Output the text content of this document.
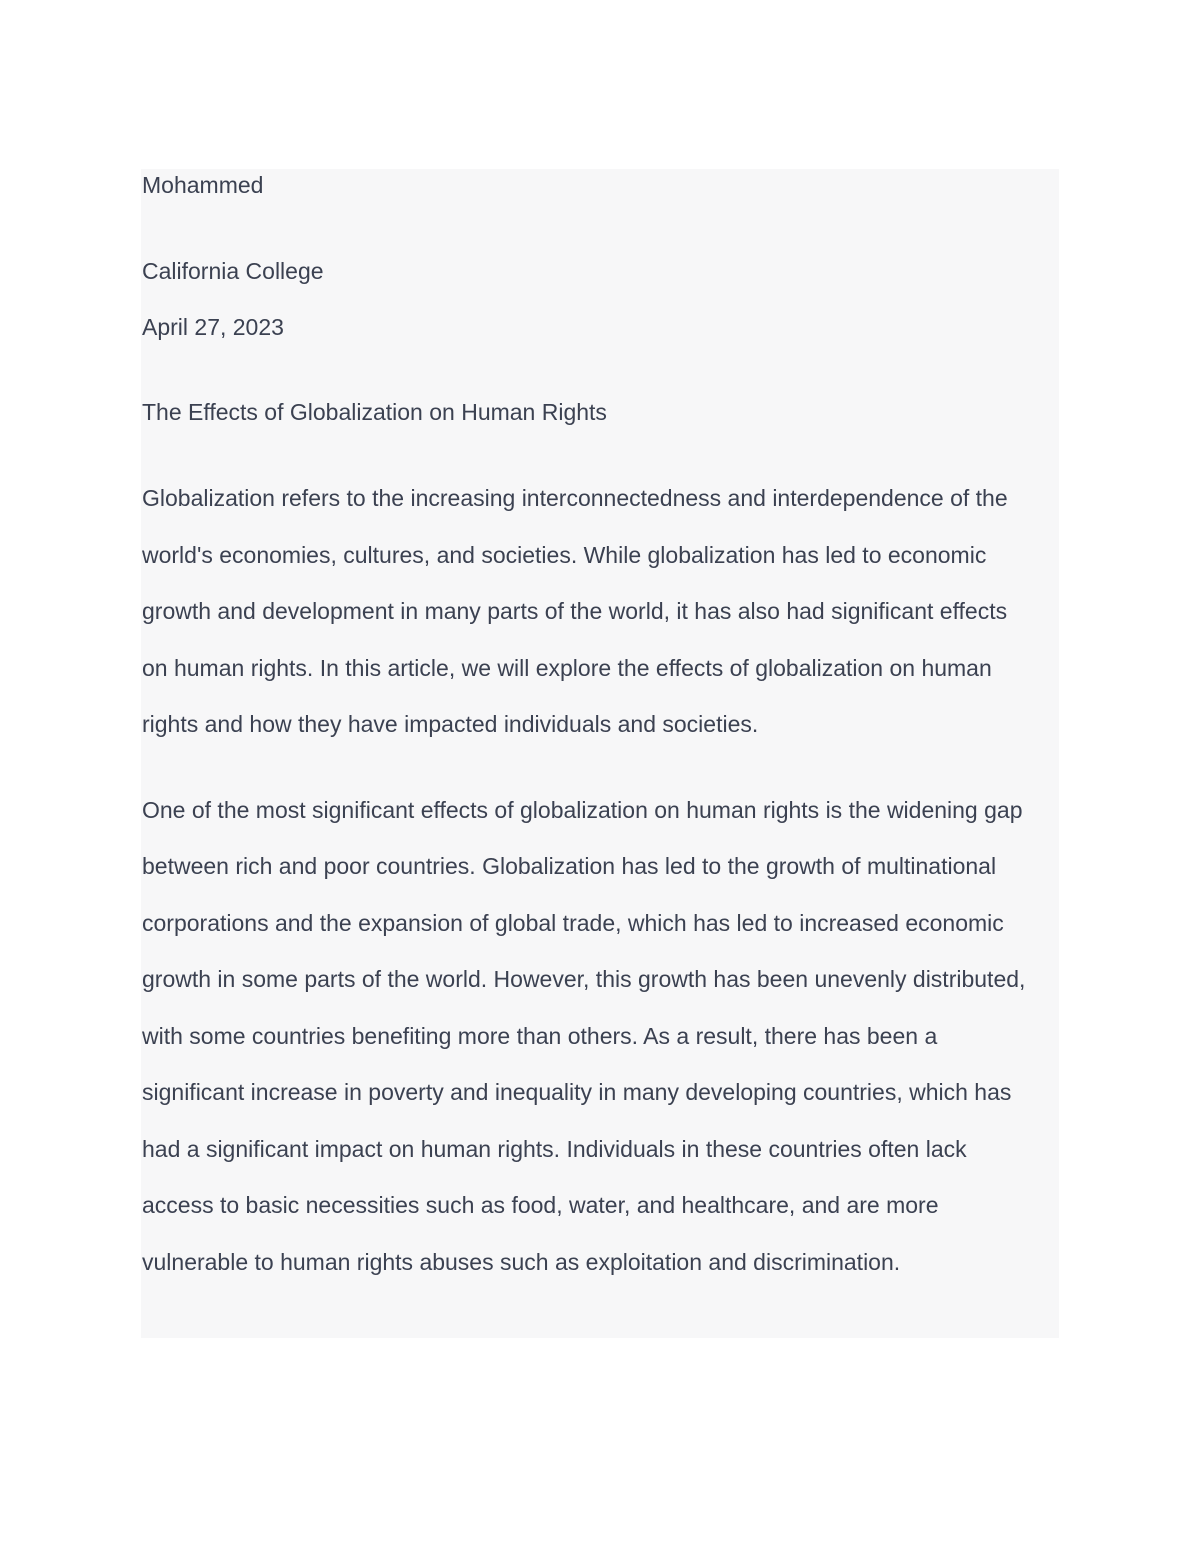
Mohammed

California College

April 27, 2023

The Effects of Globalization on Human Rights

Globalization refers to the increasing interconnectedness and interdependence of the

world's economies, cultures, and societies. While globalization has led to economic

growth and development in many parts of the world, it has also had significant effects

on human rights. In this article, we will explore the effects of globalization on human

rights and how they have impacted individuals and societies.

One of the most significant effects of globalization on human rights is the widening gap

between rich and poor countries. Globalization has led to the growth of multinational

corporations and the expansion of global trade, which has led to increased economic

growth in some parts of the world. However, this growth has been unevenly distributed,

with some countries benefiting more than others. As a result, there has been a

significant increase in poverty and inequality in many developing countries, which has

had a significant impact on human rights. Individuals in these countries often lack

access to basic necessities such as food, water, and healthcare, and are more

vulnerable to human rights abuses such as exploitation and discrimination.
